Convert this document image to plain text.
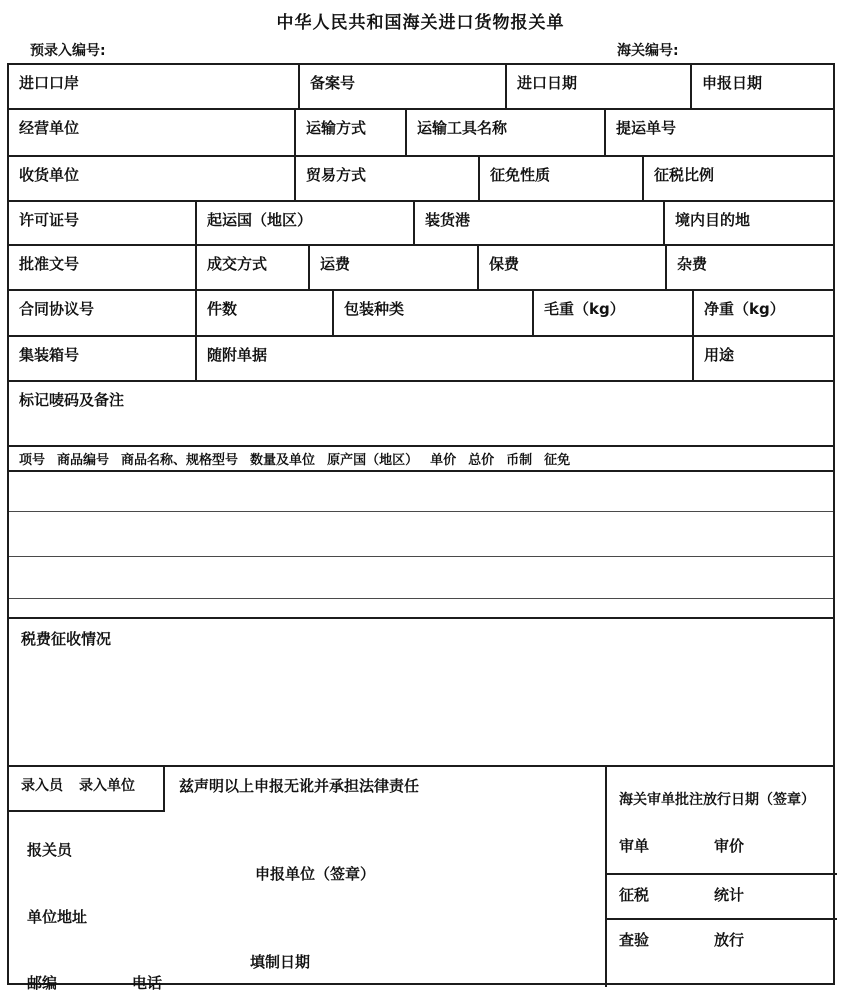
中华人民共和国海关进口货物报关单
预录入编号:	海关编号:
进口口岸	备案号	进口日期	申报日期
经营单位	运输方式	运输工具名称	提运单号
收货单位	贸易方式	征免性质	征税比例
许可证号	起运国（地区）	装货港	境内目的地
批准文号	成交方式	运费	保费	杂费
合同协议号	件数	包装种类	毛重（kg）	净重（kg）
集装箱号	随附单据	用途
标记唛码及备注
项号 商品编号 商品名称、规格型号 数量及单位 原产国（地区） 单价 总价 币制 征免
税费征收情况
录入员 录入单位	兹声明以上申报无讹并承担法律责任
报关员
申报单位（签章）
单位地址
填制日期
邮编	电话
海关审单批注放行日期（签章）
审单	审价
征税	统计
查验	放行
